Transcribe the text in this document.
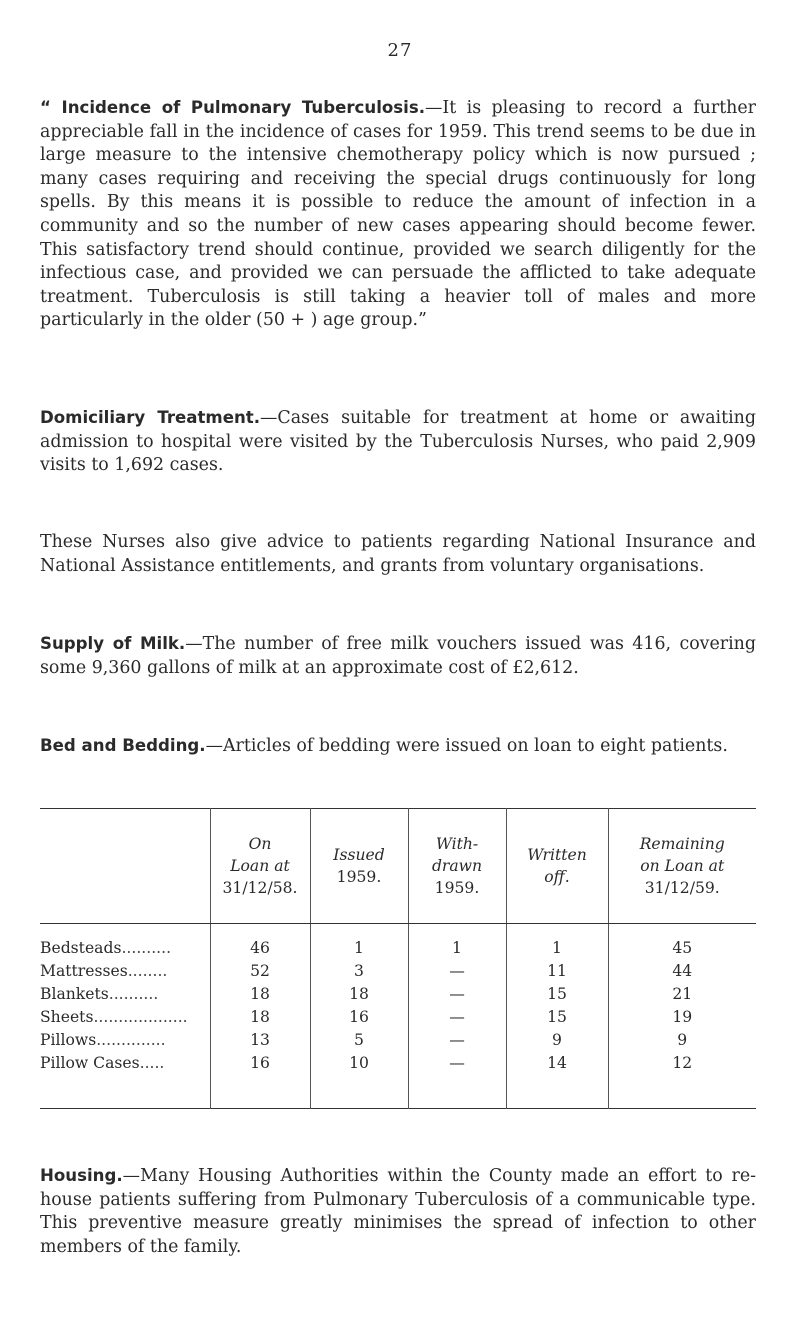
27

“ Incidence of Pulmonary Tuberculosis.—It is pleasing to record a further appreciable fall in the incidence of cases for 1959. This trend seems to be due in large measure to the intensive chemotherapy policy which is now pursued ; many cases requiring and receiving the special drugs continuously for long spells. By this means it is possible to reduce the amount of infection in a community and so the number of new cases appearing should become fewer. This satisfactory trend should continue, provided we search diligently for the infectious case, and provided we can persuade the afflicted to take adequate treatment. Tuberculosis is still taking a heavier toll of males and more particularly in the older (50 + ) age group.”

Domiciliary Treatment.—Cases suitable for treatment at home or awaiting admission to hospital were visited by the Tuberculosis Nurses, who paid 2,909 visits to 1,692 cases.

These Nurses also give advice to patients regarding National Insurance and National Assistance entitlements, and grants from voluntary organisations.

Supply of Milk.—The number of free milk vouchers issued was 416, covering some 9,360 gallons of milk at an approximate cost of £2,612.

Bed and Bedding.—Articles of bedding were issued on loan to eight patients.

	On
Loan at
31/12/58.	Issued
1959.	With-
drawn
1959.	Written
off.	Remaining
on Loan at
31/12/59.

Bedsteads..........	46	1	1	1	45
Mattresses........	52	3	—	11	44
Blankets..........	18	18	—	15	21
Sheets...................	18	16	—	15	19
Pillows..............	13	5	—	9	9
Pillow Cases.....	16	10	—	14	12

Housing.—Many Housing Authorities within the County made an effort to re-house patients suffering from Pulmonary Tuberculosis of a communicable type. This preventive measure greatly minimises the spread of infection to other members of the family.
